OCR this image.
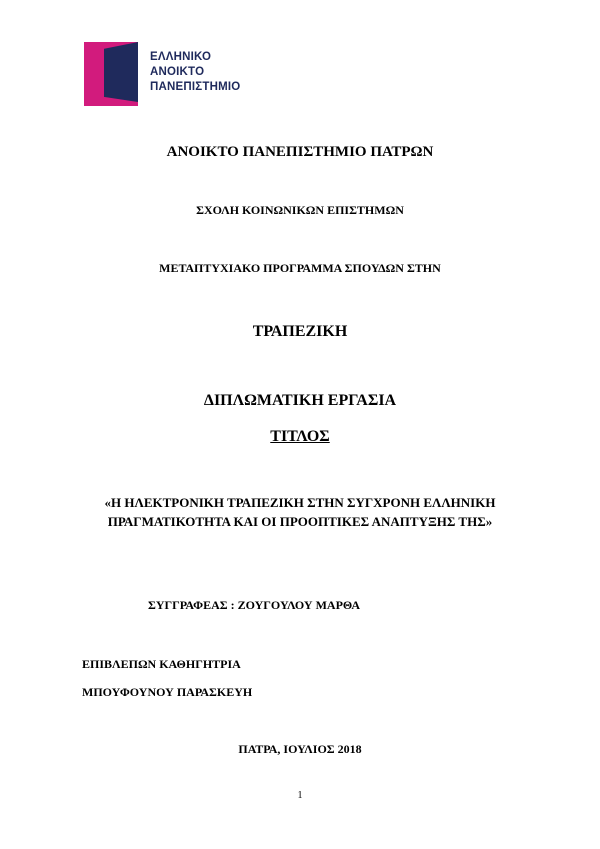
ΕΛΛΗΝΙΚΟ
ΑΝΟΙΚΤΟ
ΠΑΝΕΠΙΣΤΗΜΙΟ
ΑΝΟΙΚΤΟ ΠΑΝΕΠΙΣΤΗΜΙΟ ΠΑΤΡΩΝ
ΣΧΟΛΗ ΚΟΙΝΩΝΙΚΩΝ ΕΠΙΣΤΗΜΩΝ
ΜΕΤΑΠΤΥΧΙΑΚΟ ΠΡΟΓΡΑΜΜΑ ΣΠΟΥΔΩΝ ΣΤΗΝ
ΤΡΑΠΕΖΙΚΗ
ΔΙΠΛΩΜΑΤΙΚΗ ΕΡΓΑΣΙΑ
ΤΙΤΛΟΣ
«Η ΗΛΕΚΤΡΟΝΙΚΗ ΤΡΑΠΕΖΙΚΗ ΣΤΗΝ ΣΥΓΧΡΟΝΗ ΕΛΛΗΝΙΚΗ
ΠΡΑΓΜΑΤΙΚΟΤΗΤΑ ΚΑΙ ΟΙ ΠΡΟΟΠΤΙΚΕΣ ΑΝΑΠΤΥΞΗΣ ΤΗΣ»
ΣΥΓΓΡΑΦΕΑΣ : ΖΟΥΓΟΥΛΟΥ ΜΑΡΘΑ
ΕΠΙΒΛΕΠΩΝ ΚΑΘΗΓΗΤΡΙΑ
ΜΠΟΥΦΟΥΝΟΥ ΠΑΡΑΣΚΕΥΗ
ΠΑΤΡΑ, ΙΟΥΛΙΟΣ 2018
1
